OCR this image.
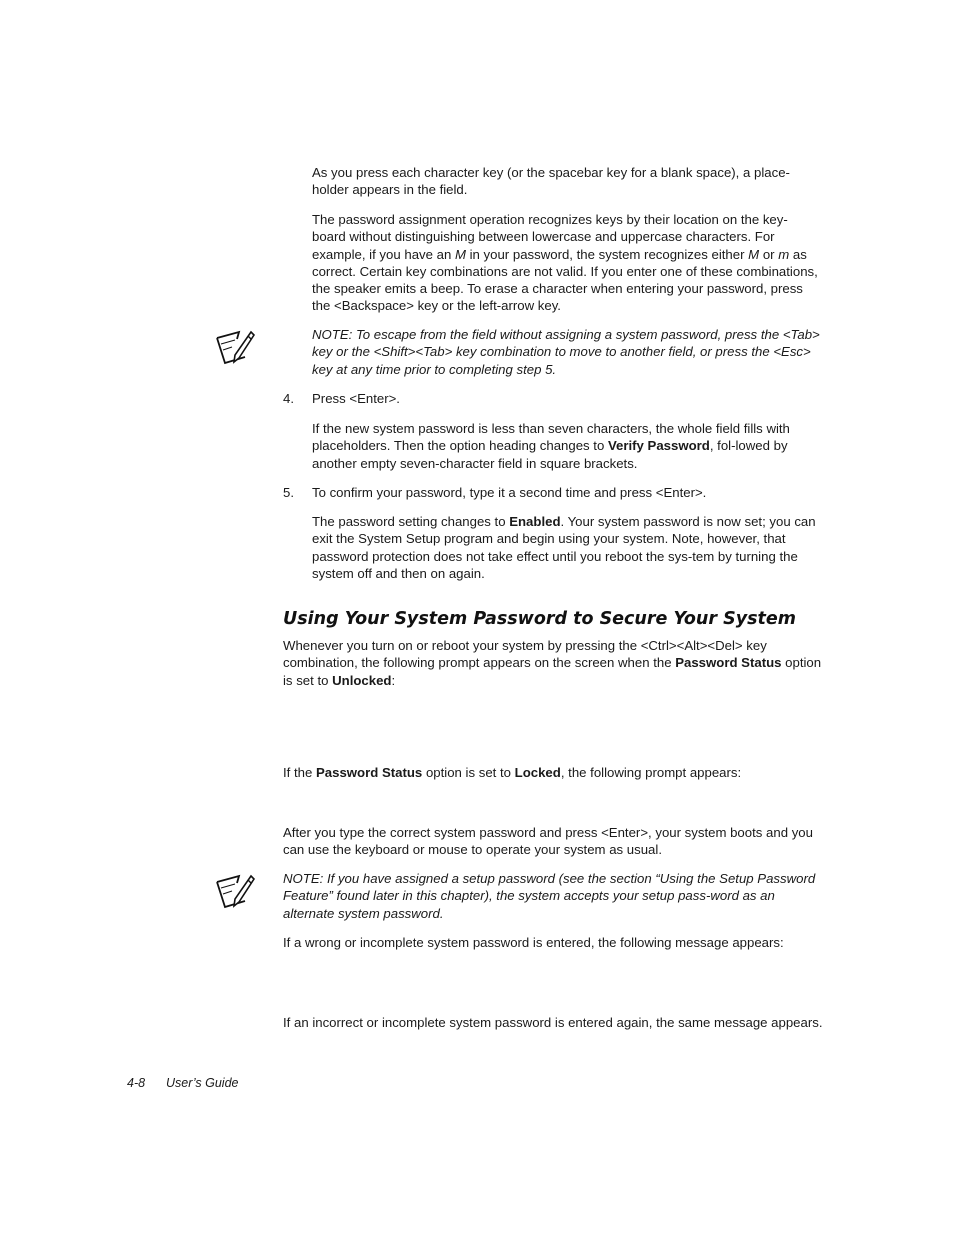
As you press each character key (or the spacebar key for a blank space), a place-holder appears in the field.

The password assignment operation recognizes keys by their location on the key-board without distinguishing between lowercase and uppercase characters. For example, if you have an M in your password, the system recognizes either M or m as correct. Certain key combinations are not valid. If you enter one of these combinations, the speaker emits a beep. To erase a character when entering your password, press the <Backspace> key or the left-arrow key.

NOTE: To escape from the field without assigning a system password, press the <Tab> key or the <Shift><Tab> key combination to move to another field, or press the <Esc> key at any time prior to completing step 5.

4. Press <Enter>.

If the new system password is less than seven characters, the whole field fills with placeholders. Then the option heading changes to Verify Password, fol-lowed by another empty seven-character field in square brackets.

5. To confirm your password, type it a second time and press <Enter>.

The password setting changes to Enabled. Your system password is now set; you can exit the System Setup program and begin using your system. Note, however, that password protection does not take effect until you reboot the sys-tem by turning the system off and then on again.

Using Your System Password to Secure Your System

Whenever you turn on or reboot your system by pressing the <Ctrl><Alt><Del> key combination, the following prompt appears on the screen when the Password Status option is set to Unlocked:

If the Password Status option is set to Locked, the following prompt appears:

After you type the correct system password and press <Enter>, your system boots and you can use the keyboard or mouse to operate your system as usual.

NOTE: If you have assigned a setup password (see the section “Using the Setup Password Feature” found later in this chapter), the system accepts your setup pass-word as an alternate system password.

If a wrong or incomplete system password is entered, the following message appears:

If an incorrect or incomplete system password is entered again, the same message appears.

4-8 User’s Guide
